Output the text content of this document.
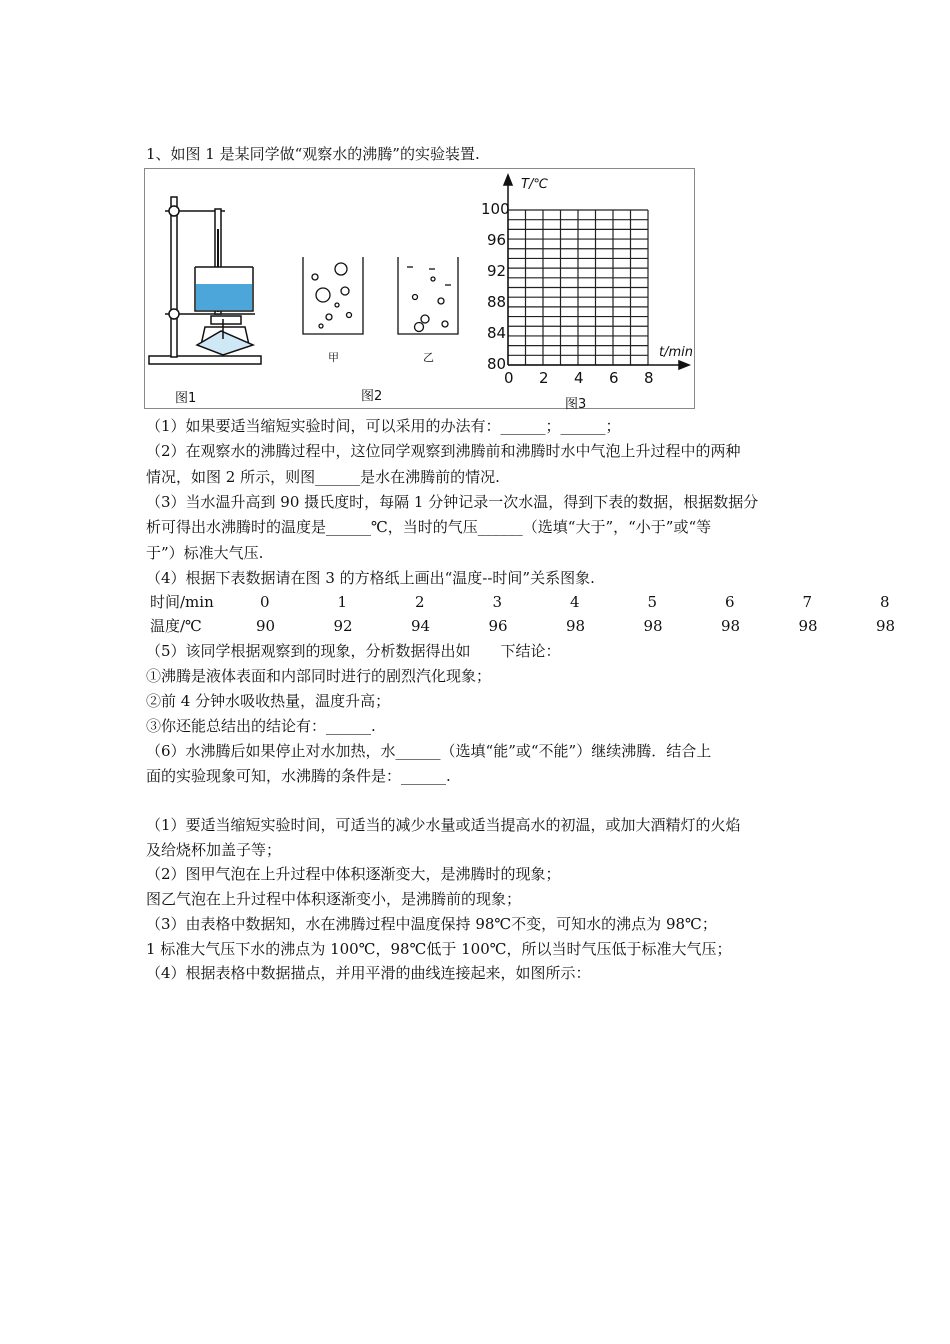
1、如图 1 是某同学做“观察水的沸腾”的实验装置.
图1	图2
图3
甲	乙
T/℃
t/min
100
96
92
88
84
80
0 2 4 6 8
（1）如果要适当缩短实验时间，可以采用的办法有：______；______；
（2）在观察水的沸腾过程中，这位同学观察到沸腾前和沸腾时水中气泡上升过程中的两种
情况，如图 2 所示，则图______是水在沸腾前的情况.
（3）当水温升高到 90 摄氏度时，每隔 1 分钟记录一次水温，得到下表的数据，根据数据分
析可得出水沸腾时的温度是______℃，当时的气压______（选填“大于”，“小于”或“等
于”）标准大气压.
（4）根据下表数据请在图 3 的方格纸上画出“温度--时间”关系图象.
时间/min	0	1	2	3	4	5	6	7	8
温度/℃	90	92	94	96	98	98	98	98	98
（5）该同学根据观察到的现象，分析数据得出如　　下结论：
①沸腾是液体表面和内部同时进行的剧烈汽化现象；
②前 4 分钟水吸收热量，温度升高；
③你还能总结出的结论有：______.
（6）水沸腾后如果停止对水加热，水______（选填“能”或“不能”）继续沸腾．结合上
面的实验现象可知，水沸腾的条件是：______.
（1）要适当缩短实验时间，可适当的减少水量或适当提高水的初温，或加大酒精灯的火焰
及给烧杯加盖子等；
（2）图甲气泡在上升过程中体积逐渐变大，是沸腾时的现象；
图乙气泡在上升过程中体积逐渐变小，是沸腾前的现象；
（3）由表格中数据知，水在沸腾过程中温度保持 98℃不变，可知水的沸点为 98℃；
1 标准大气压下水的沸点为 100℃，98℃低于 100℃，所以当时气压低于标准大气压；
（4）根据表格中数据描点，并用平滑的曲线连接起来，如图所示：
